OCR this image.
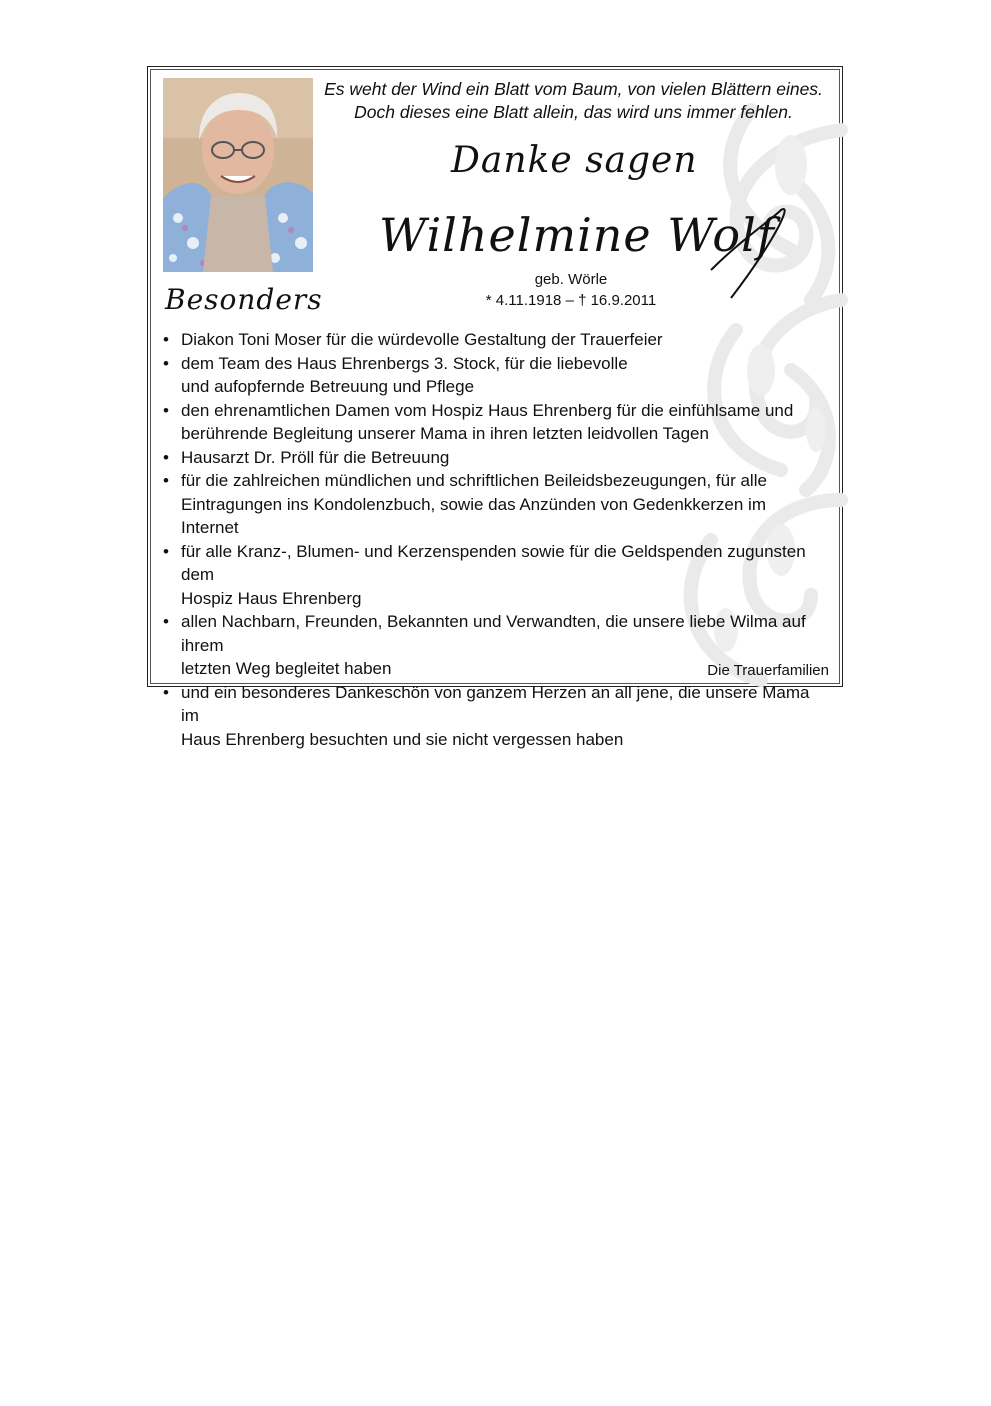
Es weht der Wind ein Blatt vom Baum, von vielen Blättern eines.
Doch dieses eine Blatt allein, das wird uns immer fehlen.
Danke sagen
Wilhelmine Wolf
geb. Wörle
* 4.11.1918 – † 16.9.2011
Besonders
• Diakon Toni Moser für die würdevolle Gestaltung der Trauerfeier
• dem Team des Haus Ehrenbergs 3. Stock, für die liebevolle
und aufopfernde Betreuung und Pflege
• den ehrenamtlichen Damen vom Hospiz Haus Ehrenberg für die einfühlsame und
berührende Begleitung unserer Mama in ihren letzten leidvollen Tagen
• Hausarzt Dr. Pröll für die Betreuung
• für die zahlreichen mündlichen und schriftlichen Beileidsbezeugungen, für alle
Eintragungen ins Kondolenzbuch, sowie das Anzünden von Gedenkkerzen im Internet
• für alle Kranz-, Blumen- und Kerzenspenden sowie für die Geldspenden zugunsten dem
Hospiz Haus Ehrenberg
• allen Nachbarn, Freunden, Bekannten und Verwandten, die unsere liebe Wilma auf ihrem
letzten Weg begleitet haben
• und ein besonderes Dankeschön von ganzem Herzen an all jene, die unsere Mama im
Haus Ehrenberg besuchten und sie nicht vergessen haben
Die Trauerfamilien
